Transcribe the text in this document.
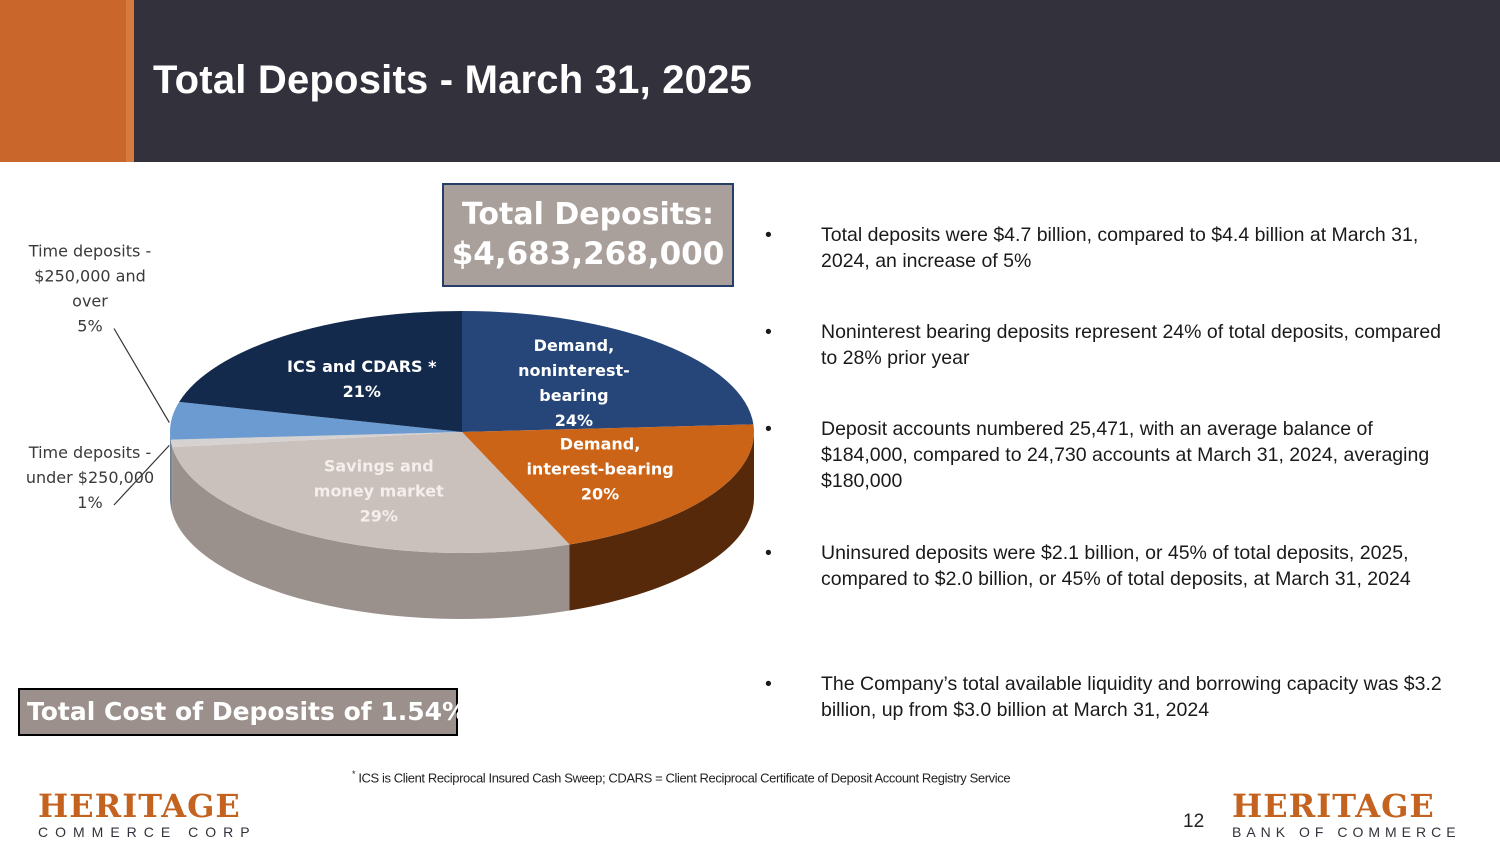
Total Deposits - March 31, 2025
Demand,
noninterest-
bearing
24%
Demand,
interest-bearing
20%
Savings and
money market
29%
Time deposits -
under $250,000
1%
Time deposits -
$250,000 and
over
5%
ICS and CDARS *
21%
Total Deposits:
$4,683,268,000
Total Cost of Deposits of 1.54%
•	Total deposits were $4.7 billion, compared to $4.4 billion at March 31, 2024, an increase of 5%
•	Noninterest bearing deposits represent 24% of total deposits, compared to 28% prior year
•	Deposit accounts numbered 25,471, with an average balance of $184,000, compared to 24,730 accounts at March 31, 2024, averaging $180,000
•	Uninsured deposits were $2.1 billion, or 45% of total deposits, 2025, compared to $2.0 billion, or 45% of total deposits, at March 31, 2024
•	The Company’s total available liquidity and borrowing capacity was $3.2 billion, up from $3.0 billion at March 31, 2024
* ICS is Client Reciprocal Insured Cash Sweep; CDARS = Client Reciprocal Certificate of Deposit Account Registry Service
HERITAGE
COMMERCE CORP
HERITAGE
BANK OF COMMERCE
12
